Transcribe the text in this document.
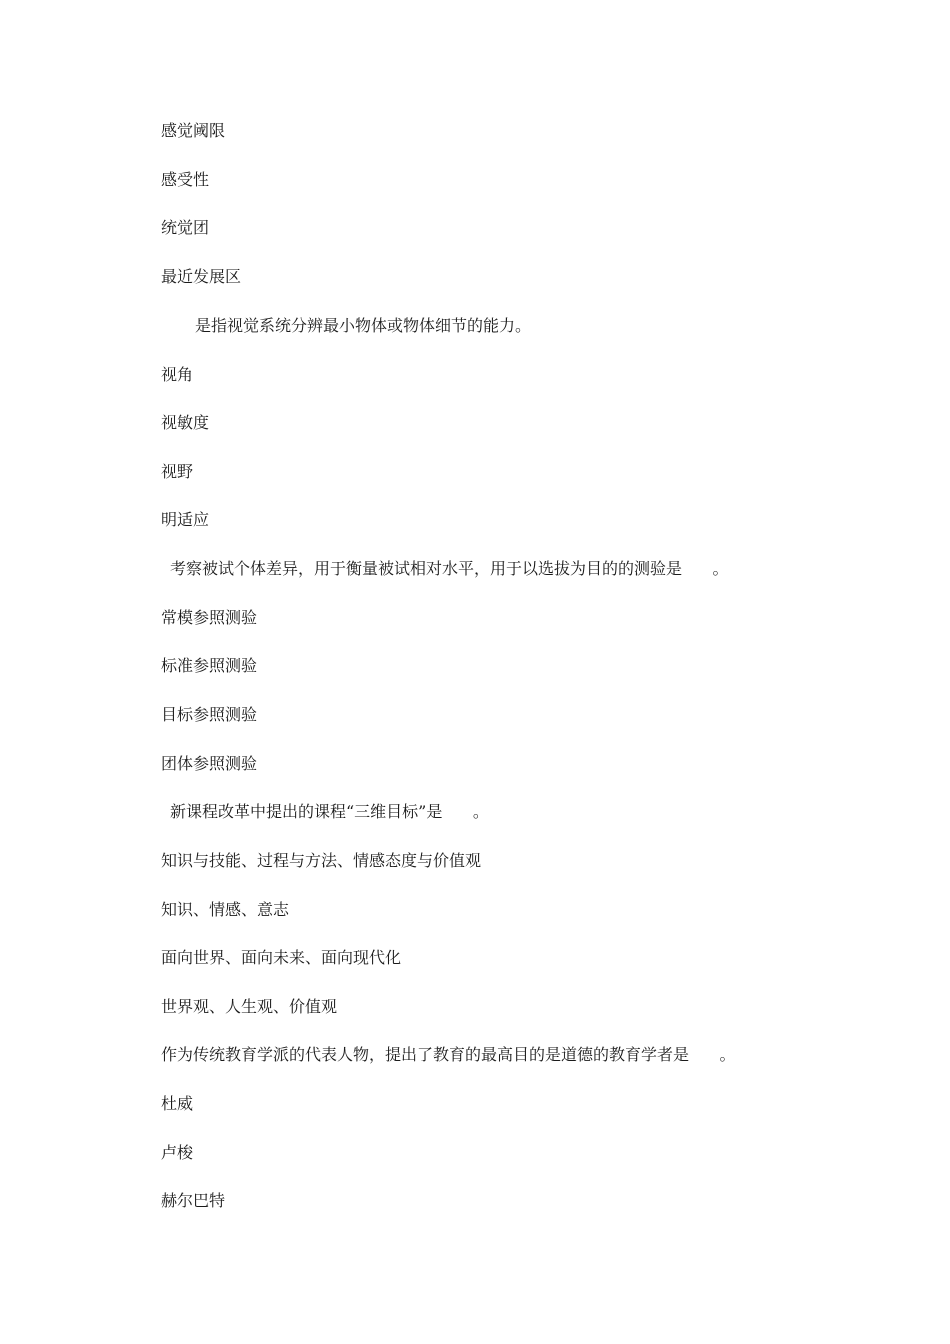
感觉阈限
感受性
统觉团
最近发展区
是指视觉系统分辨最小物体或物体细节的能力。
视角
视敏度
视野
明适应
考察被试个体差异，用于衡量被试相对水平，用于以选拔为目的的测验是      。
常模参照测验
标准参照测验
目标参照测验
团体参照测验
新课程改革中提出的课程“三维目标”是      。
知识与技能、过程与方法、情感态度与价值观
知识、情感、意志
面向世界、面向未来、面向现代化
世界观、人生观、价值观
作为传统教育学派的代表人物，提出了教育的最高目的是道德的教育学者是      。
杜威
卢梭
赫尔巴特
